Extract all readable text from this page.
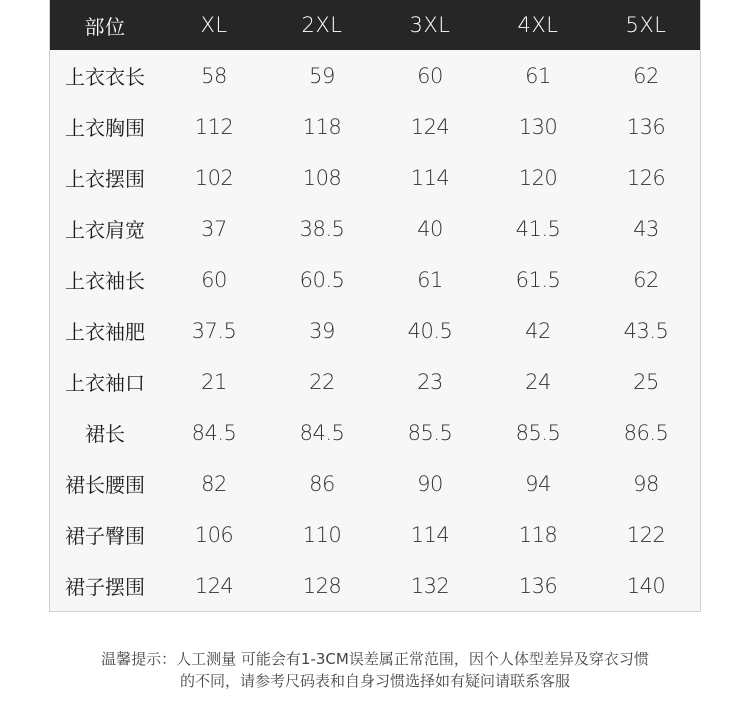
部位	XL	2XL	3XL	4XL	5XL
上衣衣长	58	59	60	61	62
上衣胸围	112	118	124	130	136
上衣摆围	102	108	114	120	126
上衣肩宽	37	38.5	40	41.5	43
上衣袖长	60	60.5	61	61.5	62
上衣袖肥	37.5	39	40.5	42	43.5
上衣袖口	21	22	23	24	25
裙长	84.5	84.5	85.5	85.5	86.5
裙长腰围	82	86	90	94	98
裙子臀围	106	110	114	118	122
裙子摆围	124	128	132	136	140

温馨提示：人工测量 可能会有1-3CM误差属正常范围，因个人体型差异及穿衣习惯

的不同，请参考尺码表和自身习惯选择如有疑问请联系客服
